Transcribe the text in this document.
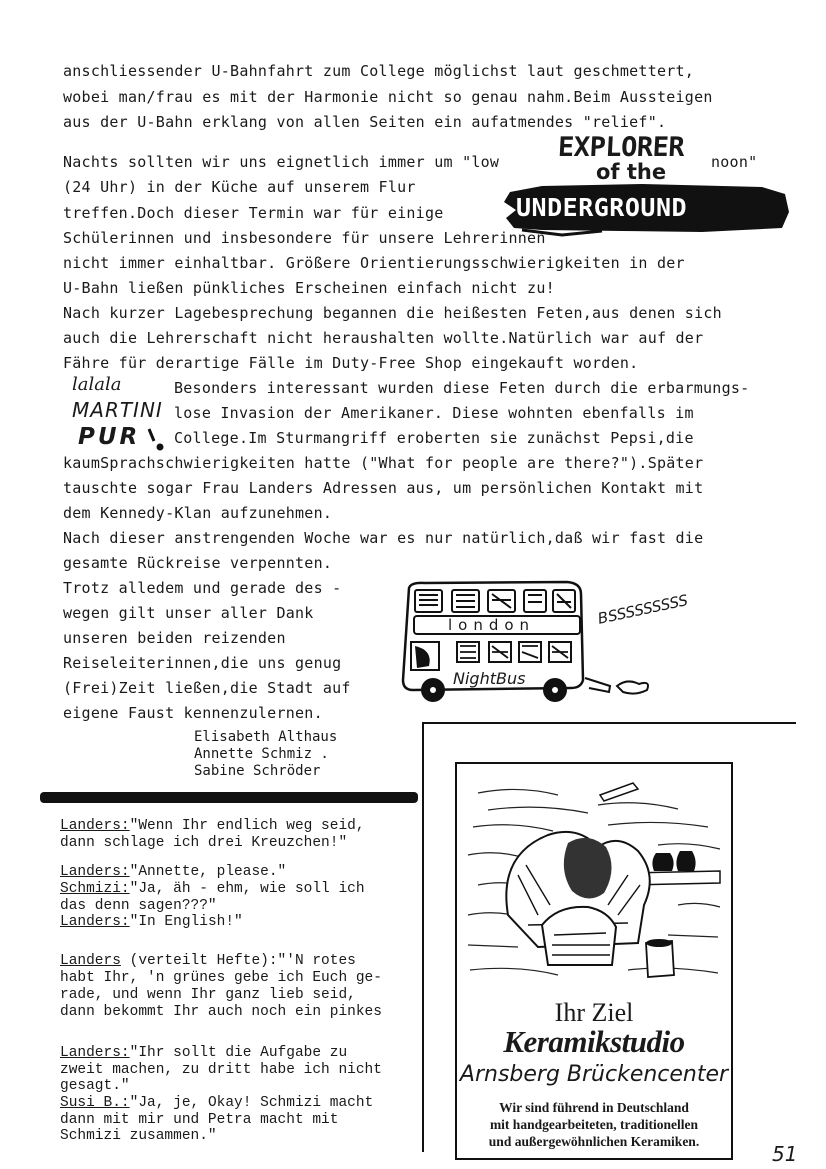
anschliessender U-Bahnfahrt zum College möglichst laut geschmettert,
wobei man/frau es mit der Harmonie nicht so genau nahm.Beim Aussteigen
aus der U-Bahn erklang von allen Seiten ein aufatmendes "relief".
Nachts sollten wir uns eignetlich immer um "low	noon"
(24 Uhr) in der Küche auf unserem Flur
treffen.Doch dieser Termin war für einige
Schülerinnen und insbesondere für unsere Lehrerinnen
nicht immer einhaltbar. Größere Orientierungsschwierigkeiten in der
U-Bahn ließen pünkliches Erscheinen einfach nicht zu!
Nach kurzer Lagebesprechung begannen die heißesten Feten,aus denen sich
auch die Lehrerschaft nicht heraushalten wollte.Natürlich war auf der
Fähre für derartige Fälle im Duty-Free Shop eingekauft worden.
Besonders interessant wurden diese Feten durch die erbarmungs-
lose Invasion der Amerikaner. Diese wohnten ebenfalls im
College.Im Sturmangriff eroberten sie zunächst Pepsi,die
kaumSprachschwierigkeiten hatte ("What for people are there?").Später
tauschte sogar Frau Landers Adressen aus, um persönlichen Kontakt mit
dem Kennedy-Klan aufzunehmen.
Nach dieser anstrengenden Woche war es nur natürlich,daß wir fast die
gesamte Rückreise verpennten.
Trotz alledem und gerade des -
wegen gilt unser aller Dank
unseren beiden reizenden
Reiseleiterinnen,die uns genug
(Frei)Zeit ließen,die Stadt auf
eigene Faust kennenzulernen.
Elisabeth Althaus
Annette Schmiz .
Sabine Schröder
EXPLORER
of the
UNDERGROUND
lalala
MARTINI
PUR
london
NightBus
BSSSSSSSSS
Landers:"Wenn Ihr endlich weg seid,
dann schlage ich drei Kreuzchen!"
Landers:"Annette, please."
Schmizi:"Ja, äh - ehm, wie soll ich
das denn sagen???"
Landers:"In English!"
Landers (verteilt Hefte):"'N rotes
habt Ihr, 'n grünes gebe ich Euch ge-
rade, und wenn Ihr ganz lieb seid,
dann bekommt Ihr auch noch ein pinkes
Landers:"Ihr sollt die Aufgabe zu
zweit machen, zu dritt habe ich nicht
gesagt."
Susi B.:"Ja, je, Okay! Schmizi macht
dann mit mir und Petra macht mit
Schmizi zusammen."
Ihr Ziel
Keramikstudio
Arnsberg Brückencenter
Wir sind führend in Deutschland
mit handgearbeiteten, traditionellen
und außergewöhnlichen Keramiken.
51
